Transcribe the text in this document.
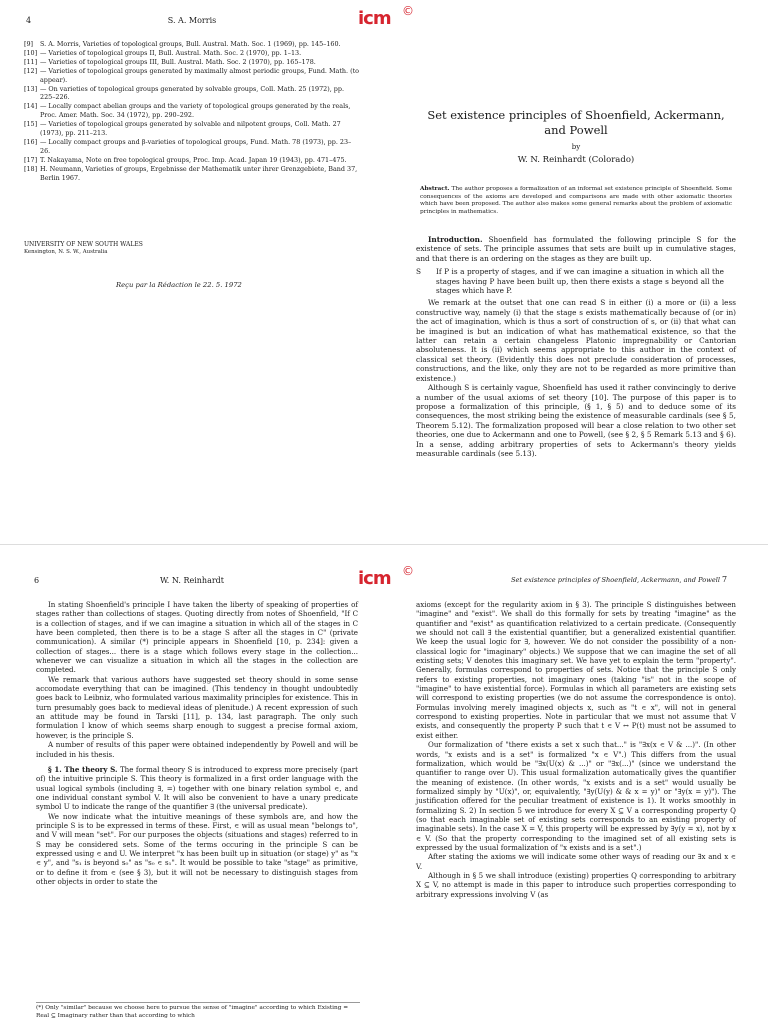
4	S. A. Morris
[9]	S. A. Morris, Varieties of topological groups, Bull. Austral. Math. Soc. 1 (1969), pp. 145–160.
[10] — Varieties of topological groups II, Bull. Austral. Math. Soc. 2 (1970), pp. 1–13.
[11] — Varieties of topological groups III, Bull. Austral. Math. Soc. 2 (1970), pp. 165–178.
[12] — Varieties of topological groups generated by maximally almost periodic groups, Fund. Math. (to appear).
[13] — On varieties of topological groups generated by solvable groups, Coll. Math. 25 (1972), pp. 225–226.
[14] — Locally compact abelian groups and the variety of topological groups generated by the reals, Proc. Amer. Math. Soc. 34 (1972), pp. 290–292.
[15] — Varieties of topological groups generated by solvable and nilpotent groups, Coll. Math. 27 (1973), pp. 211–213.
[16] — Locally compact groups and β-varieties of topological groups, Fund. Math. 78 (1973), pp. 23–26.
[17] T. Nakayama, Note on free topological groups, Proc. Imp. Acad. Japan 19 (1943), pp. 471–475.
[18] H. Neumann, Varieties of groups, Ergebnisse der Mathematik unter ihrer Grenzgebiete, Band 37, Berlin 1967.
UNIVERSITY OF NEW SOUTH WALES
Kensington, N. S. W., Australia
Reçu par la Rédaction le 22. 5. 1972
icm ©
Set existence principles of Shoenfield, Ackermann,
and Powell
by
W. N. Reinhardt (Colorado)
Abstract. The author proposes a formalization of an informal set existence principle of Shoenfield. Some consequences of the axioms are developed and comparisons are made with other axiomatic theories which have been proposed. The author also makes some general remarks about the problem of axiomatic principles in mathematics.

Introduction. Shoenfield has formulated the following principle S for the existence of sets. The principle assumes that sets are built up in cumulative stages, and that there is an ordering on the stages as they are built up.

S	If P is a property of stages, and if we can imagine a situation in which all the stages having P have been built up, then there exists a stage s beyond all the stages which have P.

We remark at the outset that one can read S in either (i) a more or (ii) a less constructive way, namely (i) that the stage s exists mathematically because of (or in) the act of imagination, which is thus a sort of construction of s, or (ii) that what can be imagined is but an indication of what has mathematical existence, so that the latter can retain a certain changeless Platonic impregnability or Cantorian absoluteness. It is (ii) which seems appropriate to this author in the context of classical set theory. (Evidently this does not preclude consideration of processes, constructions, and the like, only they are not to be regarded as more primitive than existence.)

Although S is certainly vague, Shoenfield has used it rather convincingly to derive a number of the usual axioms of set theory [10]. The purpose of this paper is to propose a formalization of this principle, (§ 1, § 5) and to deduce some of its consequences, the most striking being the existence of measurable cardinals (see § 5, Theorem 5.12). The formalization proposed will bear a close relation to two other set theories, one due to Ackermann and one to Powell, (see § 2, § 5 Remark 5.13 and § 6). In a sense, adding arbitrary properties of sets to Ackermann's theory yields measurable cardinals (see 5.13).

6	W. N. Reinhardt

In stating Shoenfield's principle I have taken the liberty of speaking of properties of stages rather than collections of stages. Quoting directly from notes of Shoenfield, "If C is a collection of stages, and if we can imagine a situation in which all of the stages in C have been completed, then there is to be a stage S after all the stages in C" (private communication). A similar (*) principle appears in Shoenfield [10, p. 234]: given a collection of stages... there is a stage which follows every stage in the collection... whenever we can visualize a situation in which all the stages in the collection are completed.

We remark that various authors have suggested set theory should in some sense accomodate everything that can be imagined. (This tendency in thought undoubtedly goes back to Leibniz, who formulated various maximality principles for existence. This in turn presumably goes back to medieval ideas of plenitude.) A recent expression of such an attitude may be found in Tarski [11], p. 134, last paragraph. The only such formulation I know of which seems sharp enough to suggest a precise formal axiom, however, is the principle S.

A number of results of this paper were obtained independently by Powell and will be included in his thesis.

§ 1. The theory S. The formal theory S is introduced to express more precisely (part of) the intuitive principle S. This theory is formalized in a first order language with the usual logical symbols (including ∃, =) together with one binary relation symbol ∊, and one individual constant symbol V. It will also be convenient to have a unary predicate symbol U to indicate the range of the quantifier ∃ (the universal predicate).

We now indicate what the intuitive meanings of these symbols are, and how the principle S is to be expressed in terms of these. First, ∊ will as usual mean "belongs to", and V will mean "set". For our purposes the objects (situations and stages) referred to in S may be considered sets. Some of the terms occuring in the principle S can be expressed using ∊ and U. We interpret "x has been built up in situation (or stage) y" as "x ∊ y", and "s₁ is beyond s₀" as "s₀ ∊ s₁". It would be possible to take "stage" as primitive, or to define it from ∊ (see § 3), but it will not be necessary to distinguish stages from other objects in order to state the

(*) Only "similar" because we choose here to pursue the sense of "imagine" according to which Existing = Real ⊆ Imaginary rather than that according to which
icm ©
Set existence principles of Shoenfield, Ackermann, and Powell 7

axioms (except for the regularity axiom in § 3). The principle S distinguishes between "imagine" and "exist". We shall do this formally for sets by treating "imagine" as the quantifier and "exist" as quantification relativized to a certain predicate. (Consequently we should not call ∃ the existential quantifier, but a generalized existential quantifier. We keep the usual logic for ∃, however. We do not consider the possibility of a non-classical logic for "imaginary" objects.) We suppose that we can imagine the set of all existing sets; V denotes this imaginary set. We have yet to explain the term "property". Generally, formulas correspond to properties of sets. Notice that the principle S only refers to existing properties, not imaginary ones (taking "is" not in the scope of "imagine" to have existential force). Formulas in which all parameters are existing sets will correspond to existing properties (we do not assume the correspondence is onto). Formulas involving merely imagined objects x, such as "t ∊ x", will not in general correspond to existing properties. Note in particular that we must not assume that V exists, and consequently the property P such that t ∊ V ↔ P(t) must not be assumed to exist either.

Our formalization of "there exists a set x such that..." is "∃x(x ∊ V & ...)". (In other words, "x exists and is a set" is formalized "x ∊ V".) This differs from the usual formalization, which would be "∃x(U(x) & ...)" or "∃x(...)" (since we understand the quantifier to range over U). This usual formalization automatically gives the quantifier the meaning of existence. (In other words, "x exists and is a set" would usually be formalized simply by "U(x)", or, equivalently, "∃y(U(y) & & x = y)" or "∃y(x = y)"). The justification offered for the peculiar treatment of existence is 1). It works smoothly in formalizing S. 2) In section 5 we introduce for every X ⊆ V a corresponding property Q (so that each imaginable set of existing sets corresponds to an existing property of imaginable sets). In the case X = V, this property will be expressed by ∃y(y = x), not by x ∊ V. (So that the property corresponding to the imagined set of all existing sets is expressed by the usual formalization of "x exists and is a set".)

After stating the axioms we will indicate some other ways of reading our ∃x and x ∊ V.

Although in § 5 we shall introduce (existing) properties Q corresponding to arbitrary X ⊆ V, no attempt is made in this paper to introduce such properties corresponding to arbitrary expressions involving V (as
